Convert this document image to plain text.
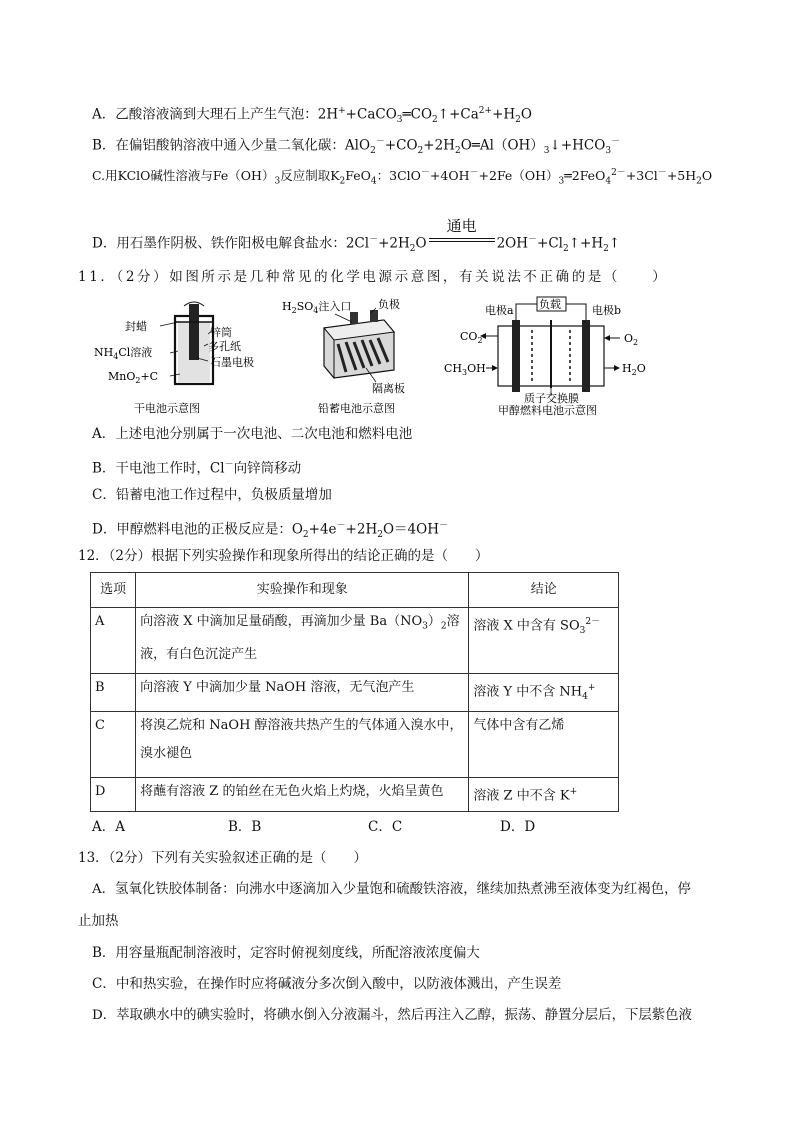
A．乙酸溶液滴到大理石上产生气泡：$2H^++CaCO_3═CO_2↑+Ca^{2+}+H_2O$
B．在偏铝酸钠溶液中通入少量二氧化碳：$AlO_2^-+CO_2+2H_2O═Al(OH)_3↓+HCO_3^-$
C.用KClO碱性溶液与$Fe(OH)_3$反应制取$K_2FeO_4$：$3ClO^-+4OH^-+2Fe(OH)_3═2FeO_4^{2-}+3Cl^-+5H_2O$
D．用石墨作阴极、铁作阳极电解食盐水：$2Cl^-+2H_2O$
通电
$2OH^-+Cl_2↑+H_2↑$
11．（2分）如图所示是几种常见的化学电源示意图，有关说法不正确的是（　　）
封蜡
$NH_4Cl$溶液
MnO$_2$+C
锌筒
多孔纸
石墨电极
干电池示意图
$H_2SO_4$注入口 负极
隔离板
铅蓄电池示意图
电极a 负载	电极b
$CO_2$
$CH_3OH$
$O_2$
$H_2O$
质子交换膜
甲醇燃料电池示意图
A．上述电池分别属于一次电池、二次电池和燃料电池
B．干电池工作时，Cl－向锌筒移动
C．铅蓄电池工作过程中，负极质量增加
D．甲醇燃料电池的正极反应是：$O_2+4e^-+2H_2O=4OH^-$
12．（2分）根据下列实验操作和现象所得出的结论正确的是（　　）
选项	实验操作和现象	结论
A	向溶液 X 中滴加足量硝酸，再滴加少量 $Ba(NO_3)_2$溶
液，有白色沉淀产生	溶液 X 中含有 $SO_3^{2-}$
B	向溶液 Y 中滴加少量 NaOH 溶液，无气泡产生	溶液 Y 中不含 $NH_4^+$
C	将溴乙烷和 NaOH 醇溶液共热产生的气体通入溴水中，
溴水褪色	气体中含有乙烯
D	将蘸有溶液 Z 的铂丝在无色火焰上灼烧，火焰呈黄色	溶液 Z 中不含 K+
A．A	B．B	C．C	D．D
13．（2分）下列有关实验叙述正确的是（　　）
A．氢氧化铁胶体制备：向沸水中逐滴加入少量饱和硫酸铁溶液，继续加热煮沸至液体变为红褐色，停
止加热
B．用容量瓶配制溶液时，定容时俯视刻度线，所配溶液浓度偏大
C．中和热实验，在操作时应将碱液分多次倒入酸中，以防液体溅出，产生误差
D．萃取碘水中的碘实验时，将碘水倒入分液漏斗，然后再注入乙醇，振荡、静置分层后，下层紫色液
